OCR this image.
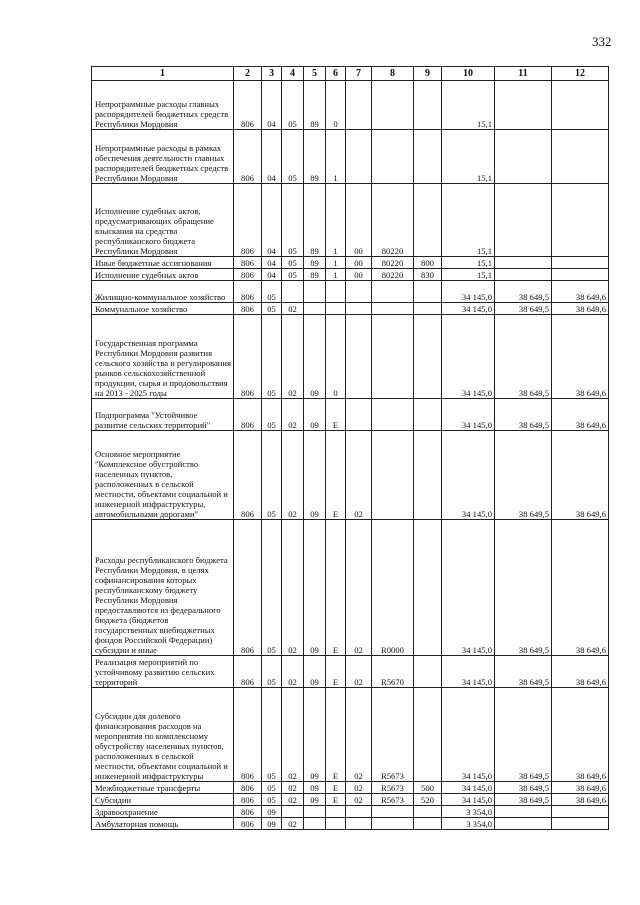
332
1	2	3	4	5	6	7	8	9	10	11	12
Непрограммные расходы главных распорядителей бюджетных средств Республики Мордовия	806	04	05	89	0				15,1		
Непрограммные расходы в рамках обеспечения деятельности главных распорядителей бюджетных средств Республики Мордовия	806	04	05	89	1				15,1		
Исполнение судебных актов, предусматривающих обращение взыскания на средства республиканского бюджета Республики Мордовия	806	04	05	89	1	00	80220		15,1		
Иные бюджетные ассигнования	806	04	05	89	1	00	80220	800	15,1		
Исполнение судебных актов	806	04	05	89	1	00	80220	830	15,1		
Жилищно-коммунальное хозяйство	806	05							34 145,0	38 649,5	38 649,6
Коммунальное хозяйство	806	05	02						34 145,0	38 649,5	38 649,6
Государственная программа Республики Мордовия развития сельского хозяйства и регулирования рынков сельскохозяйственной продукции, сырья и продовольствия на 2013 - 2025 годы	806	05	02	09	0				34 145,0	38 649,5	38 649,6
Подпрограмма "Устойчивое развитие сельских территорий"	806	05	02	09	Е				34 145,0	38 649,5	38 649,6
Основное мероприятие "Комплексное обустройство населенных пунктов, расположенных в сельской местности, объектами социальной и инженерной инфраструктуры, автомобильными дорогами"	806	05	02	09	Е	02			34 145,0	38 649,5	38 649,6
Расходы республиканского бюджета Республики Мордовия, в целях софинансирования которых республиканскому бюджету Республики Мордовия предоставляются из федерального бюджета (бюджетов государственных внебюджетных фондов Российской Федерации) субсидии и иные	806	05	02	09	Е	02	R0000		34 145,0	38 649,5	38 649,6
Реализация мероприятий по устойчивому развитию сельских территорий	806	05	02	09	Е	02	R5670		34 145,0	38 649,5	38 649,6
Субсидии для долевого финансирования расходов на мероприятия по комплексному обустройству населенных пунктов, расположенных в сельской местности, объектами социальной и инженерной инфраструктуры	806	05	02	09	Е	02	R5673		34 145,0	38 649,5	38 649,6
Межбюджетные трансферты	806	05	02	09	Е	02	R5673	500	34 145,0	38 649,5	38 649,6
Субсидии	806	05	02	09	Е	02	R5673	520	34 145,0	38 649,5	38 649,6
Здравоохранение	806	09							3 354,0		
Амбулаторная помощь	806	09	02						3 354,0		
